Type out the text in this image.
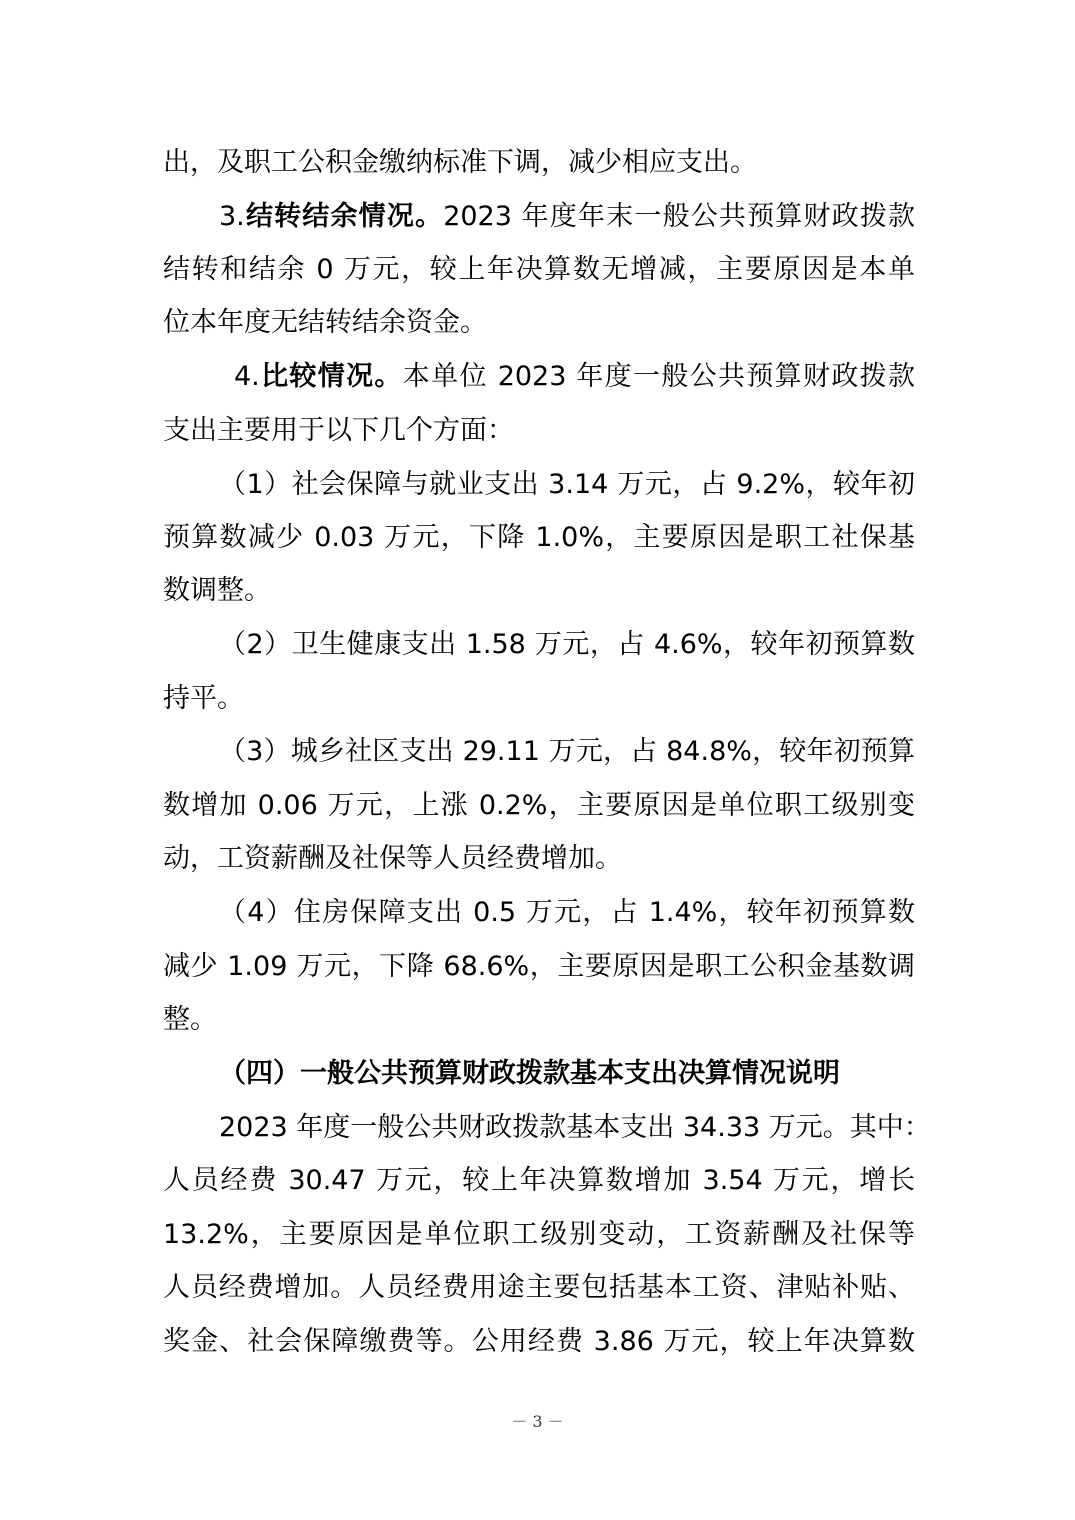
出，及职工公积金缴纳标准下调，减少相应支出。
3.结转结余情况。2023 年度年末一般公共预算财政拨款
结转和结余 0 万元，较上年决算数无增减，主要原因是本单
位本年度无结转结余资金。
4.比较情况。本单位 2023 年度一般公共预算财政拨款
支出主要用于以下几个方面：
（1）社会保障与就业支出 3.14 万元，占 9.2%，较年初
预算数减少 0.03 万元，下降 1.0%，主要原因是职工社保基
数调整。
（2）卫生健康支出 1.58 万元，占 4.6%，较年初预算数
持平。
（3）城乡社区支出 29.11 万元，占 84.8%，较年初预算
数增加 0.06 万元，上涨 0.2%，主要原因是单位职工级别变
动，工资薪酬及社保等人员经费增加。
（4）住房保障支出 0.5 万元，占 1.4%，较年初预算数
减少 1.09 万元，下降 68.6%，主要原因是职工公积金基数调
整。
（四）一般公共预算财政拨款基本支出决算情况说明
2023 年度一般公共财政拨款基本支出 34.33 万元。其中：
人员经费 30.47 万元，较上年决算数增加 3.54 万元，增长
13.2%，主要原因是单位职工级别变动，工资薪酬及社保等
人员经费增加。人员经费用途主要包括基本工资、津贴补贴、
奖金、社会保障缴费等。公用经费 3.86 万元，较上年决算数
－ 3 －
